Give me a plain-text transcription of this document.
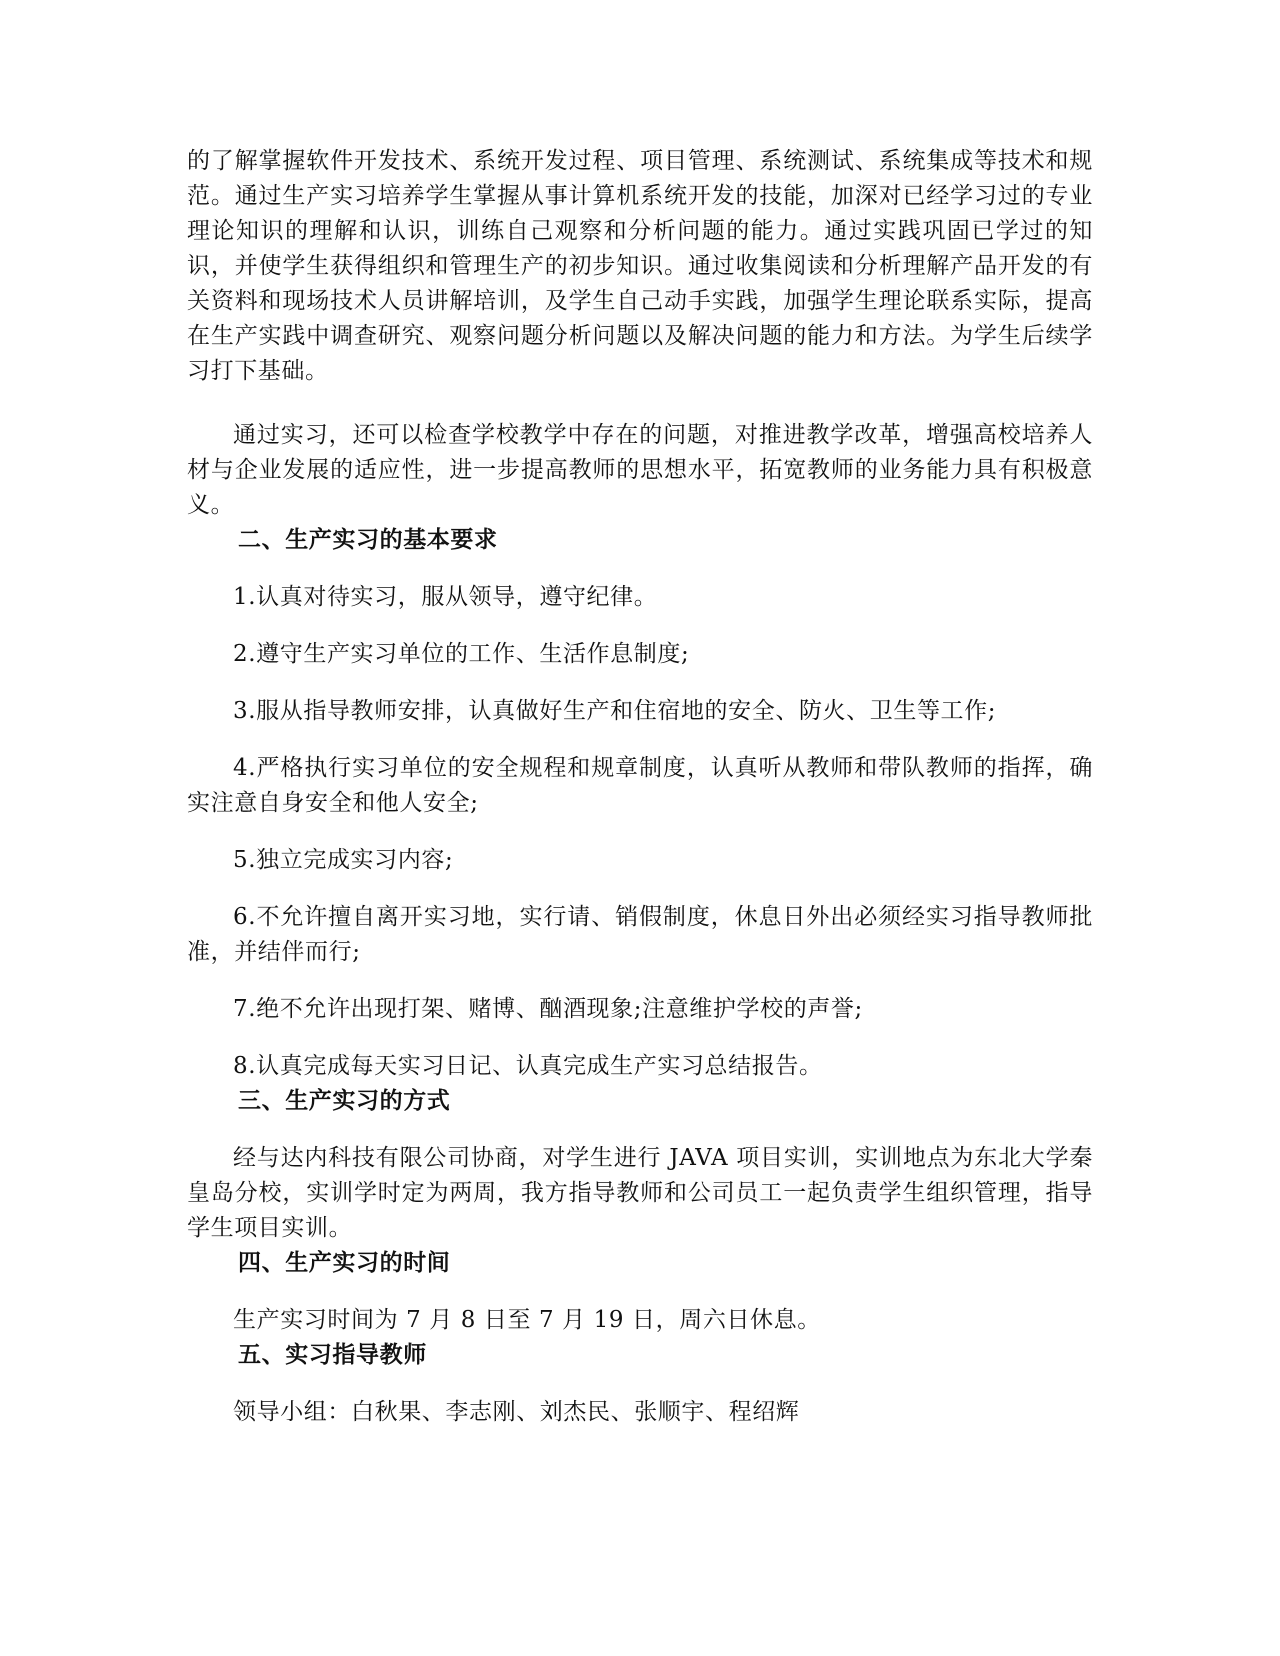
的了解掌握软件开发技术、系统开发过程、项目管理、系统测试、系统集成等技术和规范。通过生产实习培养学生掌握从事计算机系统开发的技能，加深对已经学习过的专业理论知识的理解和认识，训练自己观察和分析问题的能力。通过实践巩固已学过的知识，并使学生获得组织和管理生产的初步知识。通过收集阅读和分析理解产品开发的有关资料和现场技术人员讲解培训，及学生自己动手实践，加强学生理论联系实际，提高在生产实践中调查研究、观察问题分析问题以及解决问题的能力和方法。为学生后续学习打下基础。

通过实习，还可以检查学校教学中存在的问题，对推进教学改革，增强高校培养人材与企业发展的适应性，进一步提高教师的思想水平，拓宽教师的业务能力具有积极意义。

二、生产实习的基本要求

1.认真对待实习，服从领导，遵守纪律。

2.遵守生产实习单位的工作、生活作息制度;

3.服从指导教师安排，认真做好生产和住宿地的安全、防火、卫生等工作;

4.严格执行实习单位的安全规程和规章制度，认真听从教师和带队教师的指挥，确实注意自身安全和他人安全;

5.独立完成实习内容;

6.不允许擅自离开实习地，实行请、销假制度，休息日外出必须经实习指导教师批准，并结伴而行;

7.绝不允许出现打架、赌博、酗酒现象;注意维护学校的声誉;

8.认真完成每天实习日记、认真完成生产实习总结报告。

三、生产实习的方式

经与达内科技有限公司协商，对学生进行 JAVA 项目实训，实训地点为东北大学秦皇岛分校，实训学时定为两周，我方指导教师和公司员工一起负责学生组织管理，指导学生项目实训。

四、生产实习的时间

生产实习时间为 7 月 8 日至 7 月 19 日，周六日休息。

五、实习指导教师

领导小组：白秋果、李志刚、刘杰民、张顺宇、程绍辉
